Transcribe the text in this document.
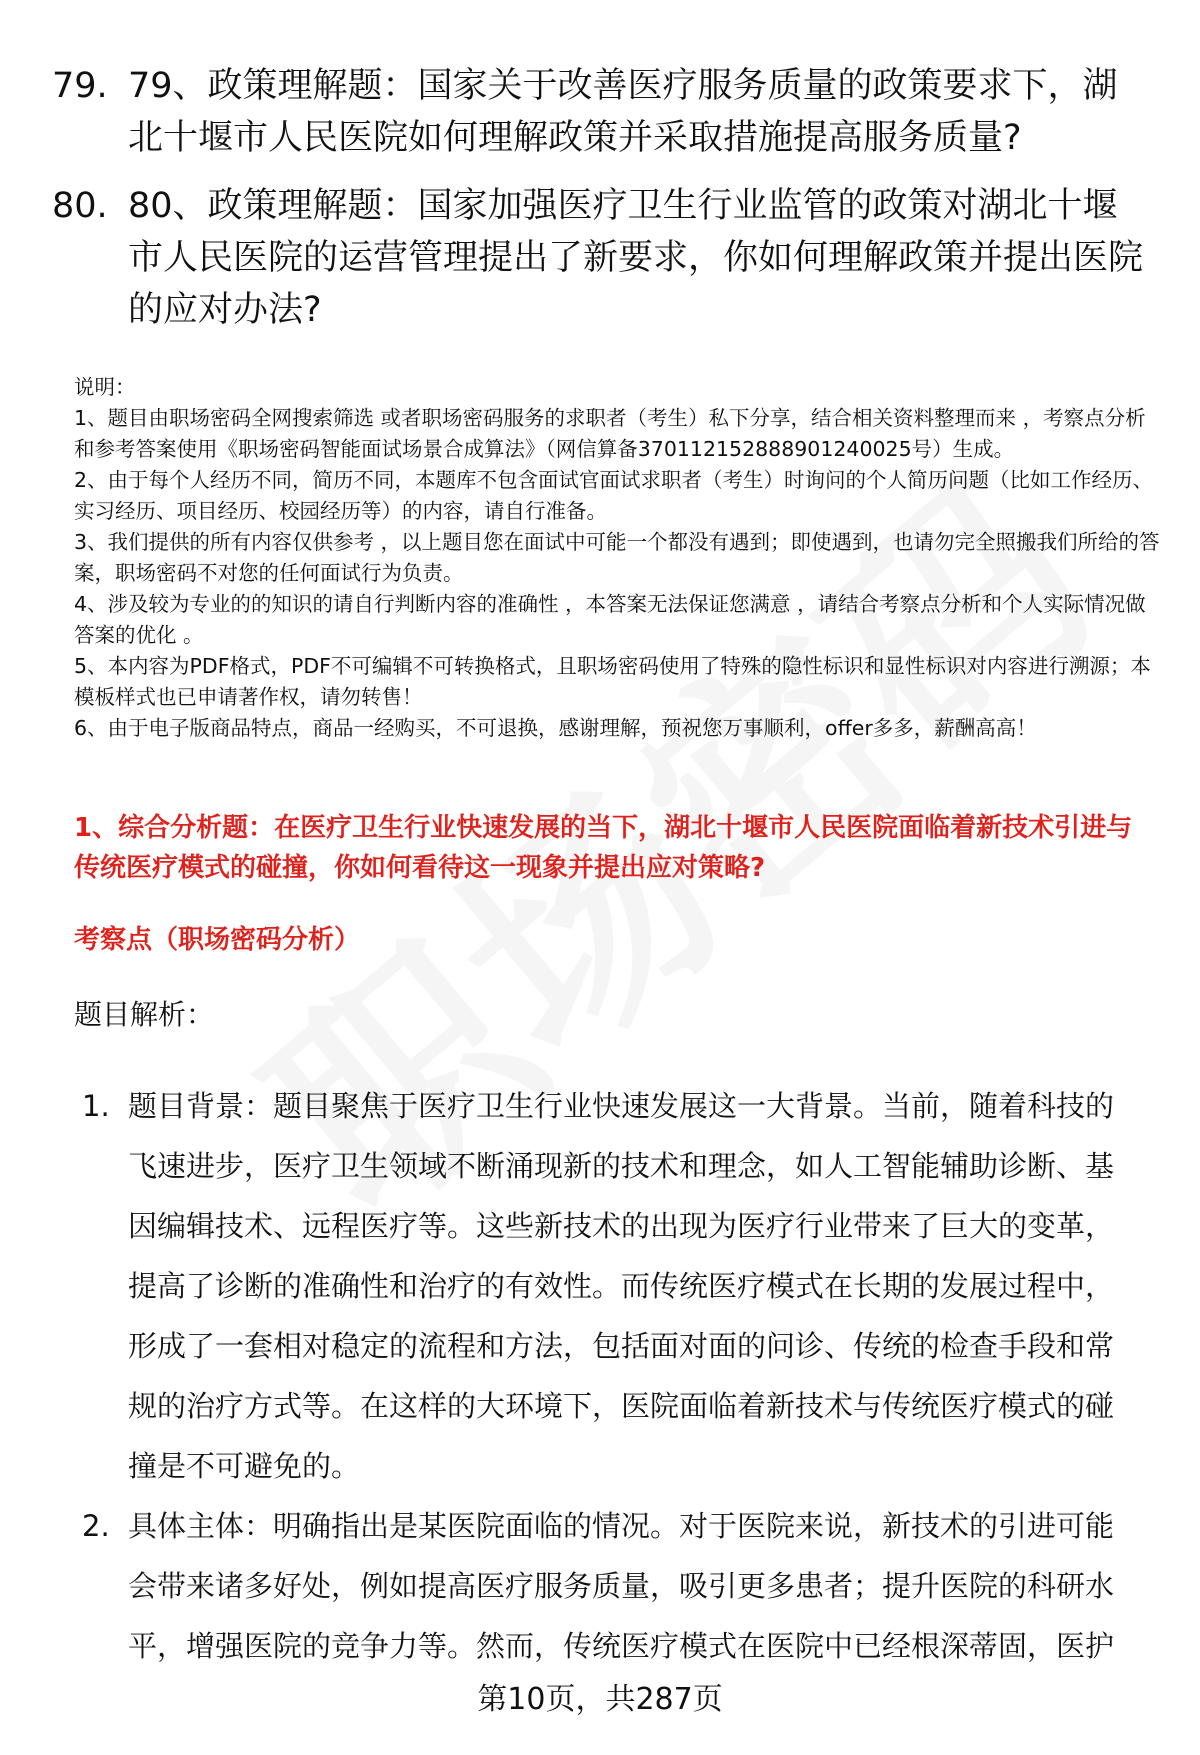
79. 79、政策理解题：国家关于改善医疗服务质量的政策要求下，湖北十堰市人民医院如何理解政策并采取措施提高服务质量?
80. 80、政策理解题：国家加强医疗卫生行业监管的政策对湖北十堰市人民医院的运营管理提出了新要求，你如何理解政策并提出医院的应对办法?

说明：

1、题目由职场密码全网搜索筛选 或者职场密码服务的求职者（考生）私下分享，结合相关资料整理而来 ，考察点分析和参考答案使用《职场密码智能面试场景合成算法》（网信算备370112152888901240025号）生成。

2、由于每个人经历不同，简历不同，本题库不包含面试官面试求职者（考生）时询问的个人简历问题（比如工作经历、实习经历、项目经历、校园经历等）的内容，请自行准备。

3、我们提供的所有内容仅供参考 ，以上题目您在面试中可能一个都没有遇到；即使遇到，也请勿完全照搬我们所给的答案，职场密码不对您的任何面试行为负责。

4、涉及较为专业的的知识的请自行判断内容的准确性 ，本答案无法保证您满意 ，请结合考察点分析和个人实际情况做答案的优化 。

5、本内容为PDF格式，PDF不可编辑不可转换格式，且职场密码使用了特殊的隐性标识和显性标识对内容进行溯源；本模板样式也已申请著作权，请勿转售！

6、由于电子版商品特点，商品一经购买，不可退换，感谢理解，预祝您万事顺利，offer多多，薪酬高高！

1、综合分析题：在医疗卫生行业快速发展的当下，湖北十堰市人民医院面临着新技术引进与传统医疗模式的碰撞，你如何看待这一现象并提出应对策略?

考察点（职场密码分析）

题目解析：
1. 题目背景：题目聚焦于医疗卫生行业快速发展这一大背景。当前，随着科技的飞速进步，医疗卫生领域不断涌现新的技术和理念，如人工智能辅助诊断、基因编辑技术、远程医疗等。这些新技术的出现为医疗行业带来了巨大的变革，提高了诊断的准确性和治疗的有效性。而传统医疗模式在长期的发展过程中，形成了一套相对稳定的流程和方法，包括面对面的问诊、传统的检查手段和常规的治疗方式等。在这样的大环境下，医院面临着新技术与传统医疗模式的碰撞是不可避免的。
2. 具体主体：明确指出是某医院面临的情况。对于医院来说，新技术的引进可能会带来诸多好处，例如提高医疗服务质量，吸引更多患者；提升医院的科研水平，增强医院的竞争力等。然而，传统医疗模式在医院中已经根深蒂固，医护
第10页，共287页
